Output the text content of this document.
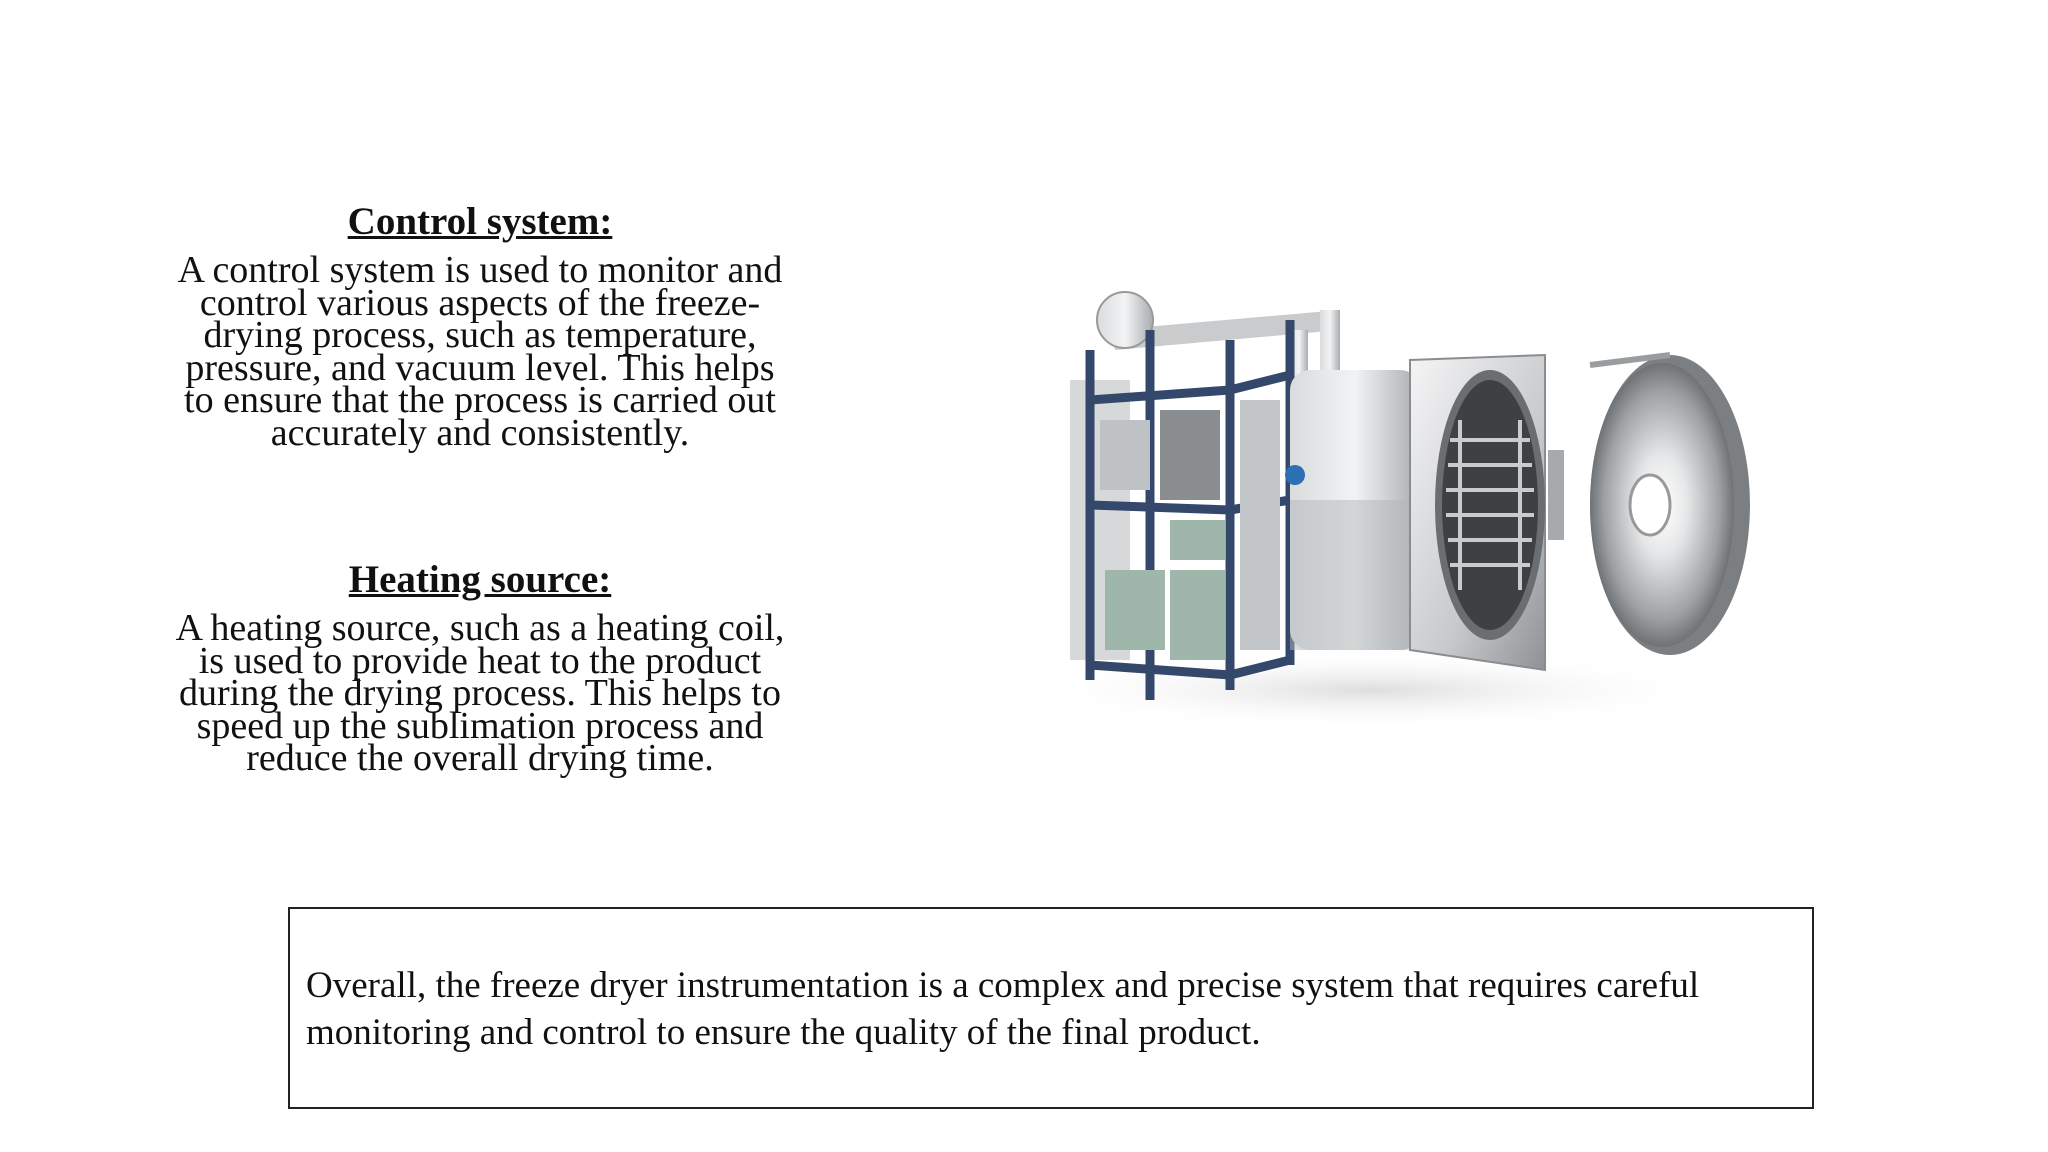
Control system:

A control system is used to monitor and control various aspects of the freeze-drying process, such as temperature, pressure, and vacuum level. This helps to ensure that the process is carried out accurately and consistently.

Heating source:

A heating source, such as a heating coil, is used to provide heat to the product during the drying process. This helps to speed up the sublimation process and reduce the overall drying time.

Overall, the freeze dryer instrumentation is a complex and precise system that requires careful monitoring and control to ensure the quality of the final product.
